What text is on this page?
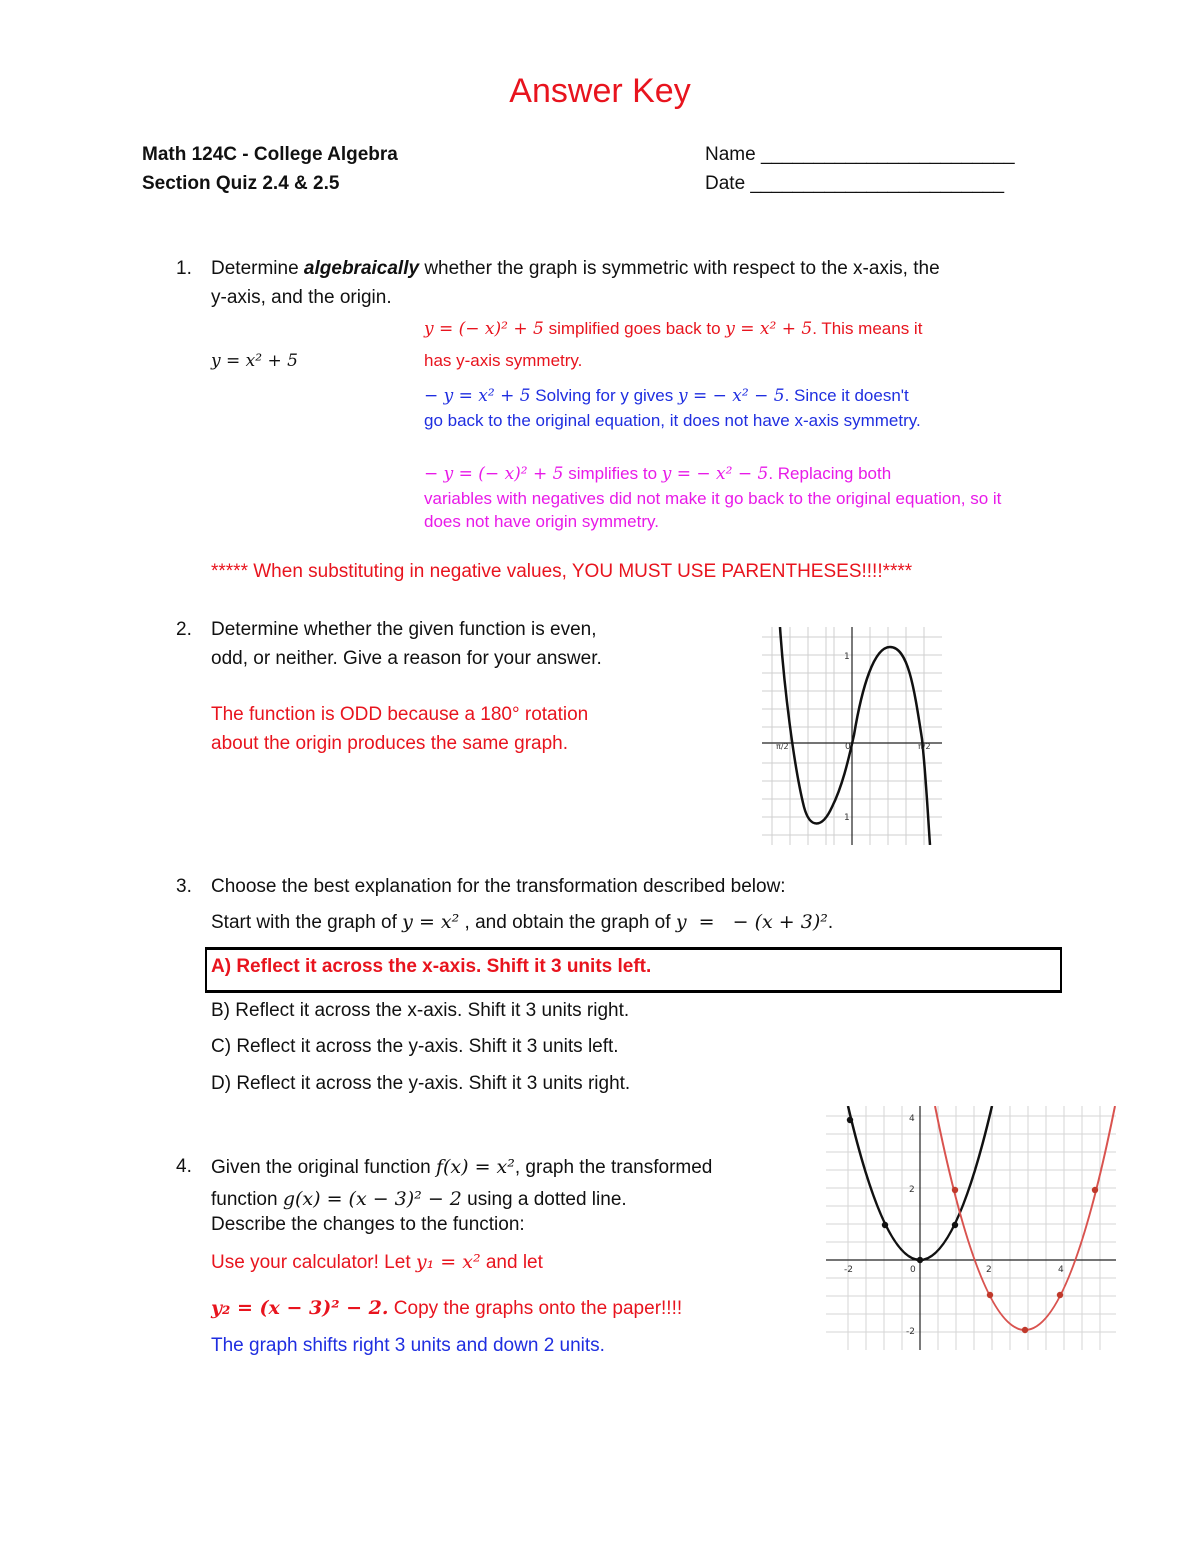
Answer Key
Math 124C - College Algebra
Section Quiz 2.4 & 2.5
Name ________________________
Date ________________________
1. Determine algebraically whether the graph is symmetric with respect to the x-axis, the
y-axis, and the origin.
y = x² + 5
y = (− x)² + 5 simplified goes back to y = x² + 5. This means it
has y-axis symmetry.
− y = x² + 5 Solving for y gives y = − x² − 5. Since it doesn't
go back to the original equation, it does not have x-axis symmetry.
− y = (− x)² + 5 simplifies to y = − x² − 5. Replacing both
variables with negatives did not make it go back to the original equation, so it
does not have origin symmetry.
***** When substituting in negative values, YOU MUST USE PARENTHESES!!!!****
2. Determine whether the given function is even,
odd, or neither. Give a reason for your answer.
The function is ODD because a 180° rotation
about the origin produces the same graph.
1
1
π/2	π/2
0
3. Choose the best explanation for the transformation described below:
Start with the graph of y = x² , and obtain the graph of y  =   − (x + 3)².
A) Reflect it across the x-axis. Shift it 3 units left.
B) Reflect it across the x-axis. Shift it 3 units right.
C) Reflect it across the y-axis. Shift it 3 units left.
D) Reflect it across the y-axis. Shift it 3 units right.
4. Given the original function f(x) = x², graph the transformed
function g(x) = (x − 3)² − 2 using a dotted line.
Describe the changes to the function:
Use your calculator! Let y₁ = x² and let
y₂ = (x − 3)² − 2. Copy the graphs onto the paper!!!!
The graph shifts right 3 units and down 2 units.
4
2
-2
-2	0	2	4
